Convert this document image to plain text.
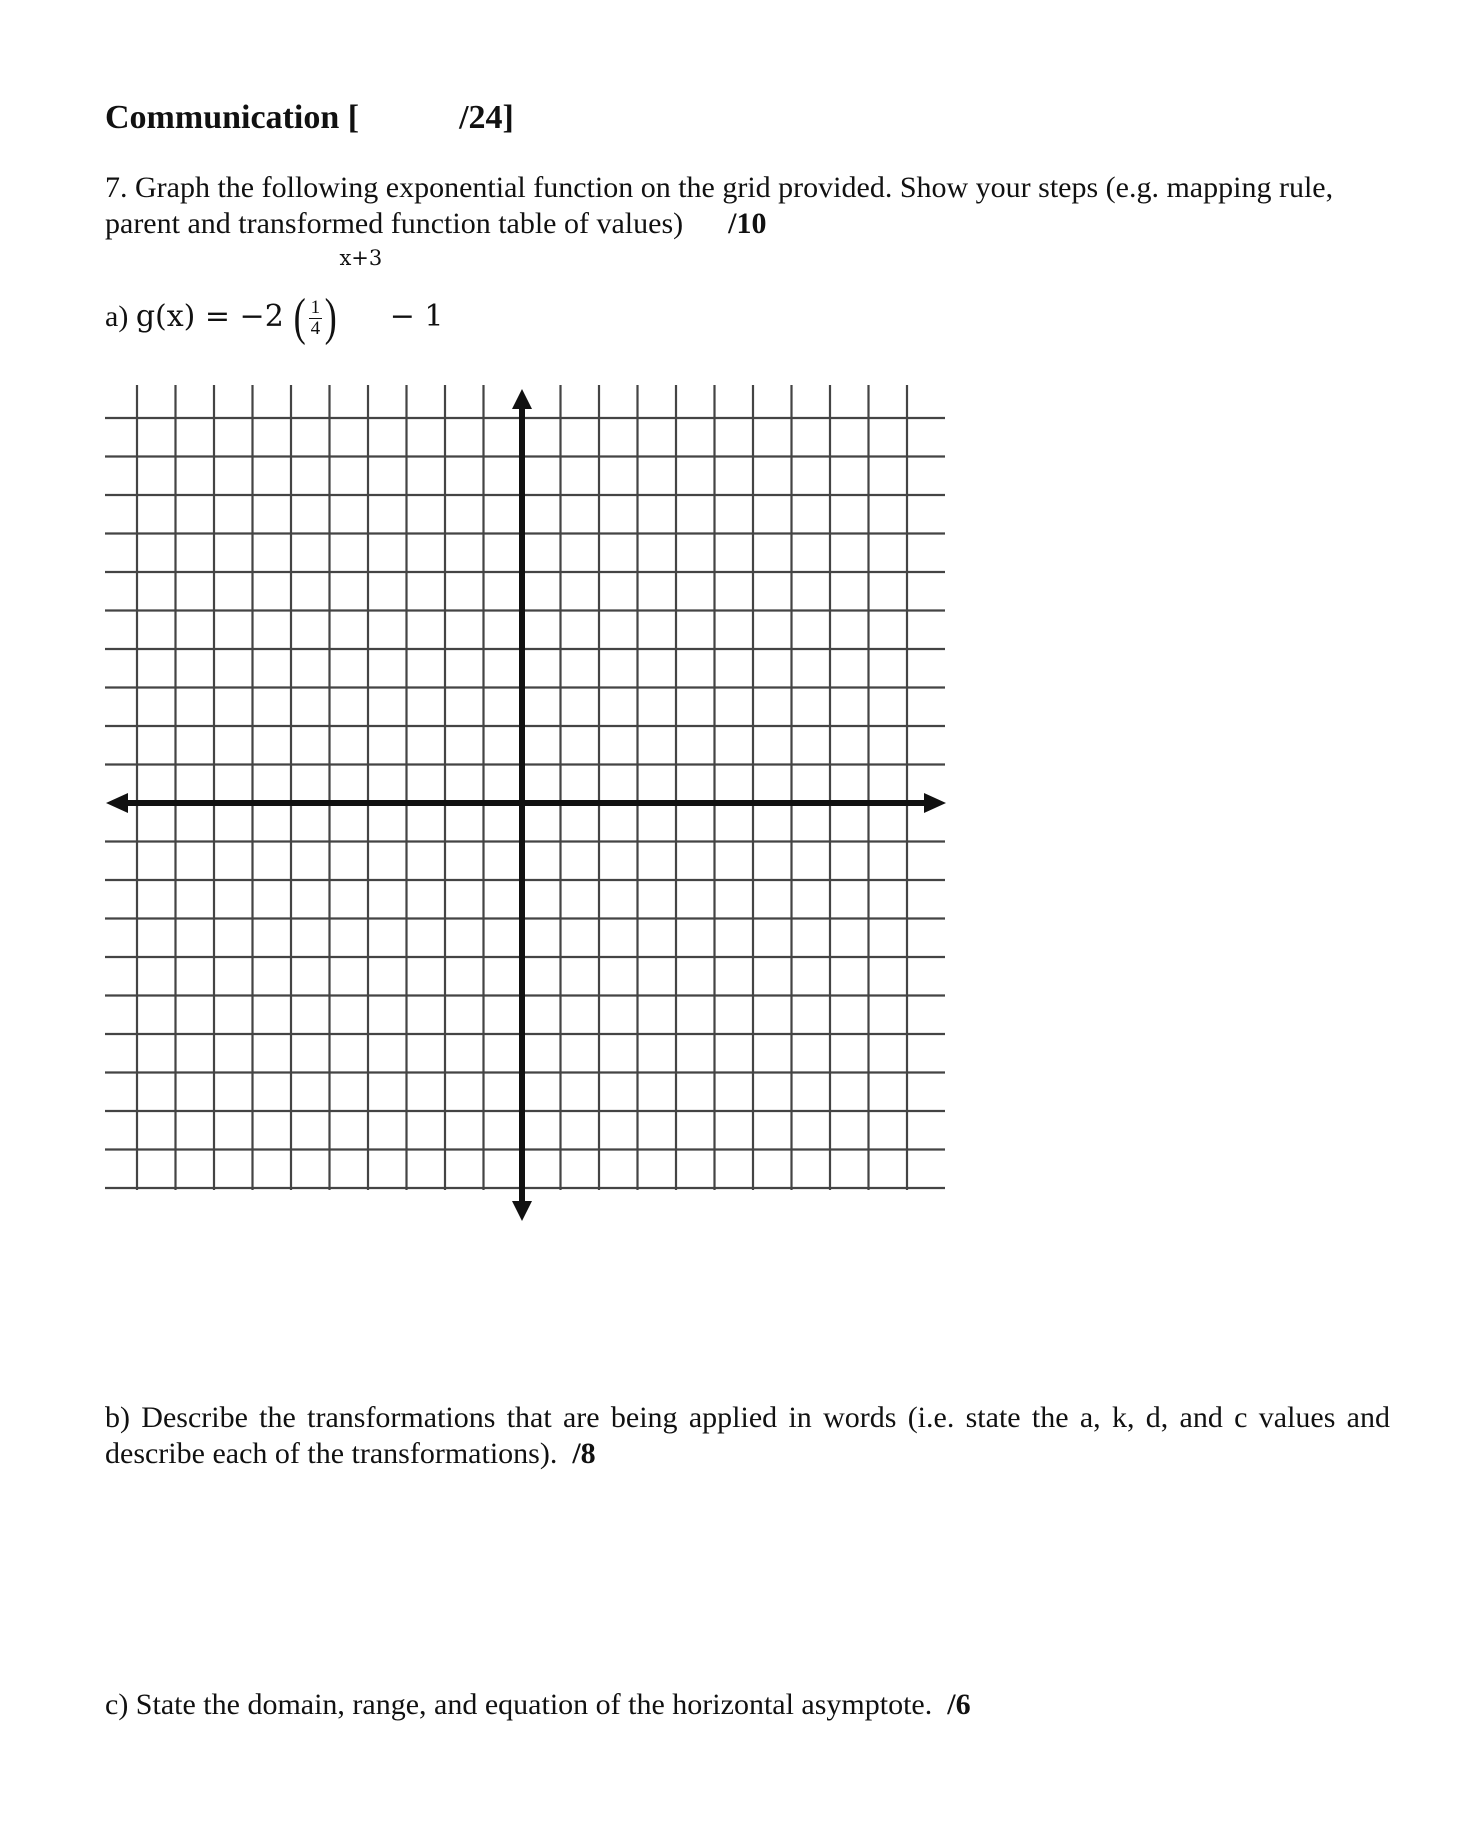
Communication [	/24]

7. Graph the following exponential function on the grid provided. Show your steps (e.g. mapping rule, parent and transformed function table of values) /10

a) g(x) = −2 ( $\frac{1}{4} )x+3 - 1$

b) Describe the transformations that are being applied in words (i.e. state the a, k, d, and c values and describe each of the transformations). /8

c) State the domain, range, and equation of the horizontal asymptote. /6
